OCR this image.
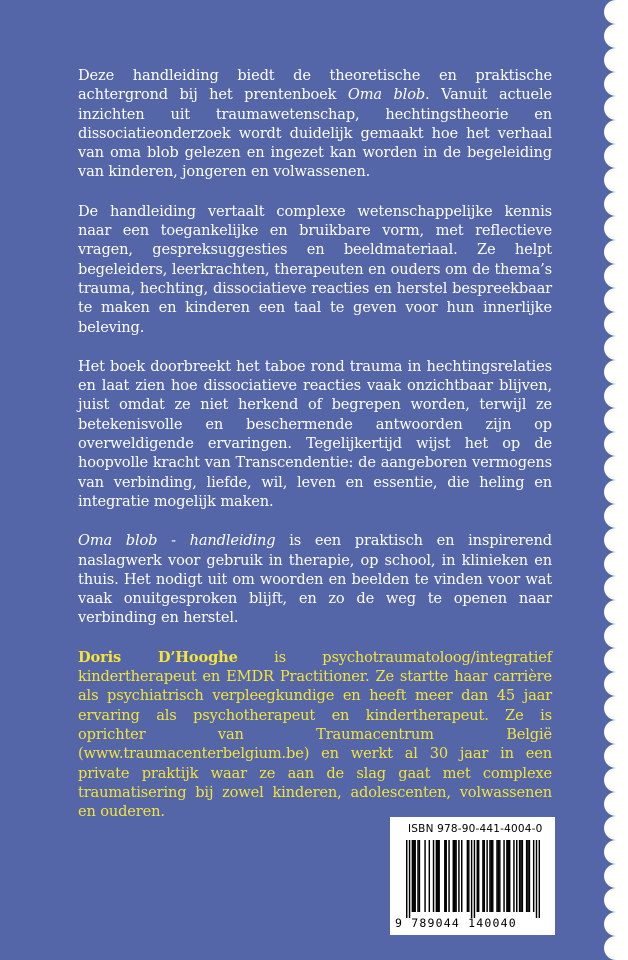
Deze handleiding biedt de theoretische en praktische achtergrond bij het prentenboek Oma blob. Vanuit actuele inzichten uit traumawetenschap, hechtingstheorie en dissociatieonderzoek wordt duidelijk gemaakt hoe het verhaal van oma blob gelezen en ingezet kan worden in de begeleiding van kinderen, jongeren en volwassenen.

De handleiding vertaalt complexe wetenschappelijke kennis naar een toegankelijke en bruikbare vorm, met reflectieve vragen, gespreksuggesties en beeldmateriaal. Ze helpt begeleiders, leerkrachten, therapeuten en ouders om de thema’s trauma, hechting, dissociatieve reacties en herstel bespreekbaar te maken en kinderen een taal te geven voor hun innerlijke beleving.

Het boek doorbreekt het taboe rond trauma in hechtingsrelaties en laat zien hoe dissociatieve reacties vaak onzichtbaar blijven, juist omdat ze niet herkend of begrepen worden, terwijl ze betekenisvolle en beschermende antwoorden zijn op overweldigende ervaringen. Tegelijkertijd wijst het op de hoopvolle kracht van Transcendentie: de aangeboren vermogens van verbinding, liefde, wil, leven en essentie, die heling en integratie mogelijk maken.

Oma blob - handleiding is een praktisch en inspirerend naslagwerk voor gebruik in therapie, op school, in klinieken en thuis. Het nodigt uit om woorden en beelden te vinden voor wat vaak onuitgesproken blijft, en zo de weg te openen naar verbinding en herstel.

Doris D’Hooghe is psychotraumatoloog/integratief kindertherapeut en EMDR Practitioner. Ze startte haar carrière als psychiatrisch verpleegkundige en heeft meer dan 45 jaar ervaring als psychotherapeut en kindertherapeut. Ze is oprichter van Traumacentrum België (www.traumacenterbelgium.be) en werkt al 30 jaar in een private praktijk waar ze aan de slag gaat met complexe traumatisering bij zowel kinderen, adolescenten, volwassenen en ouderen.

ISBN 978-90-441-4004-0
9 789044 140040
